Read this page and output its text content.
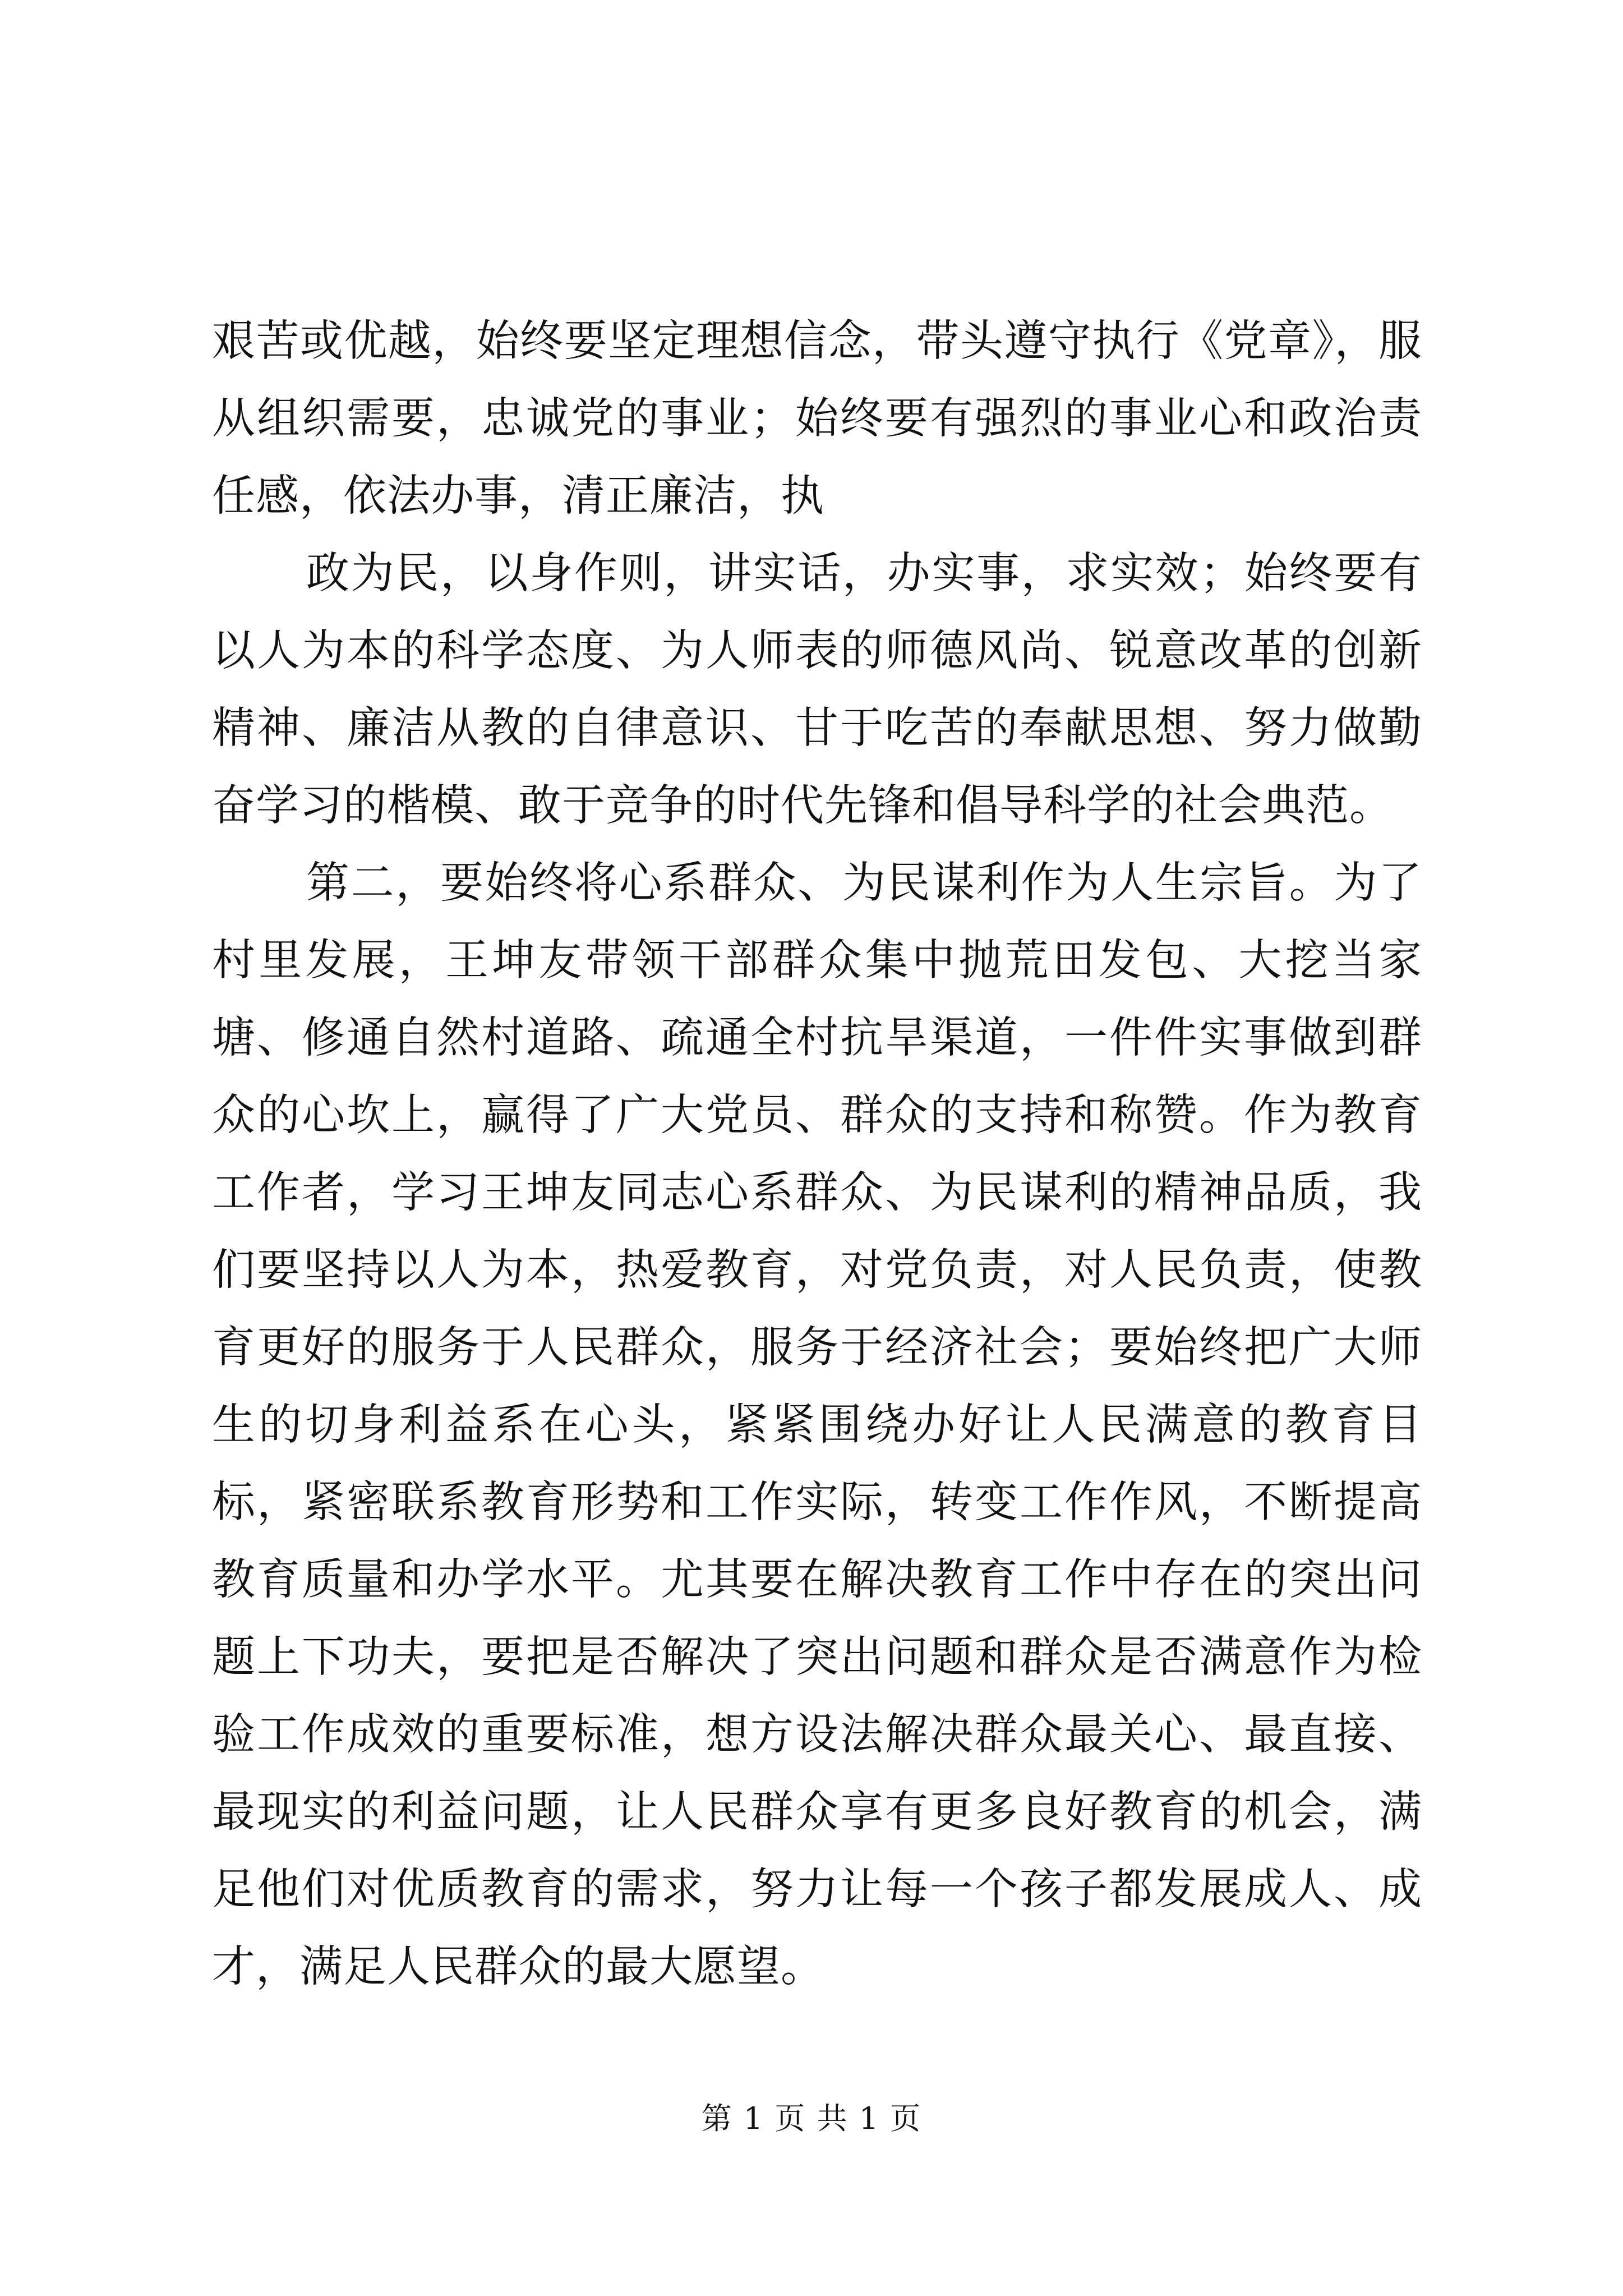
艰苦或优越，始终要坚定理想信念，带头遵守执行《党章》，服从组织需要，忠诚党的事业；始终要有强烈的事业心和政治责任感，依法办事，清正廉洁，执

政为民，以身作则，讲实话，办实事，求实效；始终要有以人为本的科学态度、为人师表的师德风尚、锐意改革的创新精神、廉洁从教的自律意识、甘于吃苦的奉献思想、努力做勤奋学习的楷模、敢于竞争的时代先锋和倡导科学的社会典范。

第二，要始终将心系群众、为民谋利作为人生宗旨。为了村里发展，王坤友带领干部群众集中抛荒田发包、大挖当家塘、修通自然村道路、疏通全村抗旱渠道，一件件实事做到群众的心坎上，赢得了广大党员、群众的支持和称赞。作为教育工作者，学习王坤友同志心系群众、为民谋利的精神品质，我们要坚持以人为本，热爱教育，对党负责，对人民负责，使教育更好的服务于人民群众，服务于经济社会；要始终把广大师生的切身利益系在心头，紧紧围绕办好让人民满意的教育目标，紧密联系教育形势和工作实际，转变工作作风，不断提高教育质量和办学水平。尤其要在解决教育工作中存在的突出问题上下功夫，要把是否解决了突出问题和群众是否满意作为检验工作成效的重要标准，想方设法解决群众最关心、最直接、最现实的利益问题，让人民群众享有更多良好教育的机会，满足他们对优质教育的需求，努力让每一个孩子都发展成人、成才，满足人民群众的最大愿望。

第 1 页 共 1 页
